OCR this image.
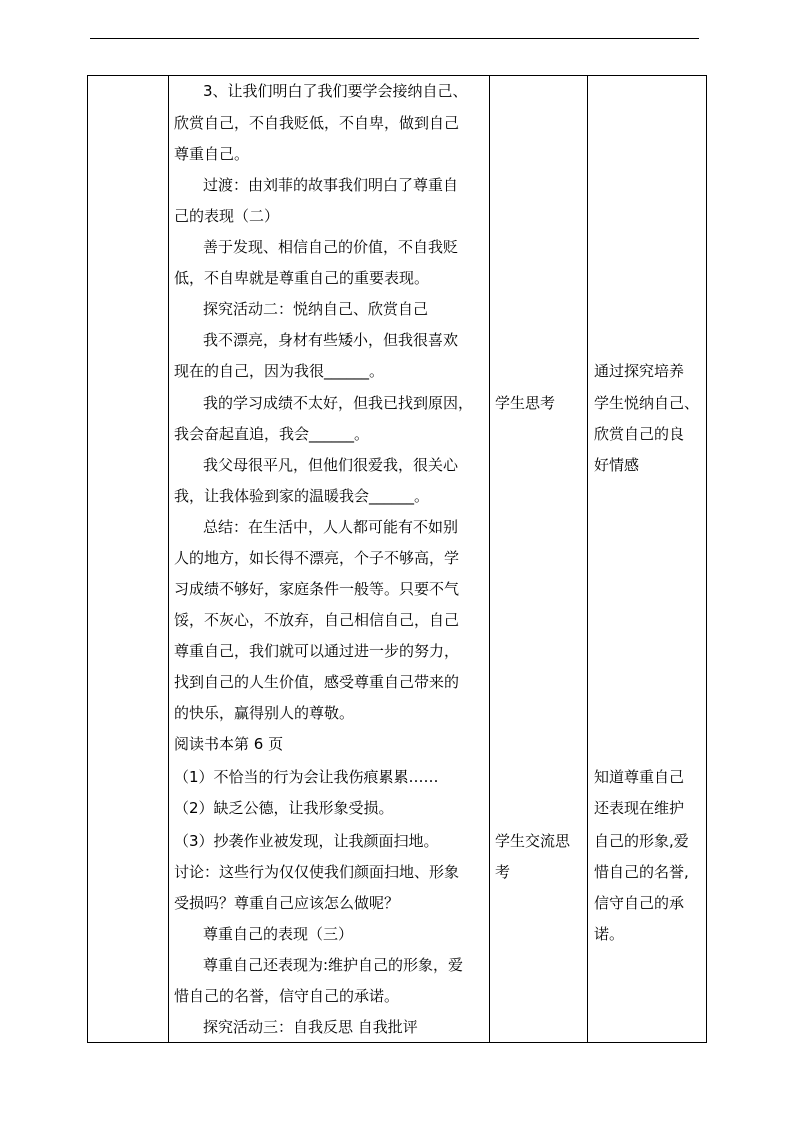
3、让我们明白了我们要学会接纳自己、
欣赏自己，不自我贬低，不自卑，做到自己
尊重自己。
过渡：由刘菲的故事我们明白了尊重自
己的表现（二）
善于发现、相信自己的价值，不自我贬
低，不自卑就是尊重自己的重要表现。
探究活动二：悦纳自己、欣赏自己
我不漂亮，身材有些矮小，但我很喜欢
现在的自己，因为我很______。
我的学习成绩不太好，但我已找到原因，
我会奋起直追，我会______。
我父母很平凡，但他们很爱我，很关心
我，让我体验到家的温暖我会______。
总结：在生活中，人人都可能有不如别
人的地方，如长得不漂亮，个子不够高，学
习成绩不够好，家庭条件一般等。只要不气
馁，不灰心，不放弃，自己相信自己，自己
尊重自己，我们就可以通过进一步的努力，
找到自己的人生价值，感受尊重自己带来的
的快乐，赢得别人的尊敬。
阅读书本第 6 页
（1）不恰当的行为会让我伤痕累累……
（2）缺乏公德，让我形象受损。
（3）抄袭作业被发现，让我颜面扫地。
讨论：这些行为仅仅使我们颜面扫地、形象
受损吗？尊重自己应该怎么做呢？
尊重自己的表现（三）
尊重自己还表现为:维护自己的形象，爱
惜自己的名誉，信守自己的承诺。
探究活动三：自我反思 自我批评
学生思考
学生交流思
考
通过探究培养
学生悦纳自己、
欣赏自己的良
好情感
知道尊重自己
还表现在维护
自己的形象,爱
惜自己的名誉,
信守自己的承
诺。
